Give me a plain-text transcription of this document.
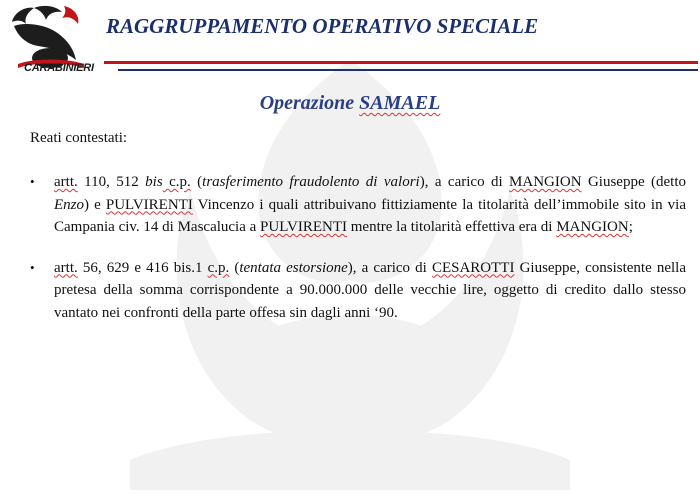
CARABINIERI
RAGGRUPPAMENTO OPERATIVO SPECIALE
Operazione SAMAEL
Reati contestati:
•	artt. 110, 512 bis c.p. (trasferimento fraudolento di valori), a carico di MANGION Giuseppe (detto Enzo) e PULVIRENTI Vincenzo i quali attribuivano fittiziamente la titolarità dell’immobile sito in via Campania civ. 14 di Mascalucia a PULVIRENTI mentre la titolarità effettiva era di MANGION;
•	artt. 56, 629 e 416 bis.1 c.p. (tentata estorsione), a carico di CESAROTTI Giuseppe, consistente nella pretesa della somma corrispondente a 90.000.000 delle vecchie lire, oggetto di credito dallo stesso vantato nei confronti della parte offesa sin dagli anni ‘90.
